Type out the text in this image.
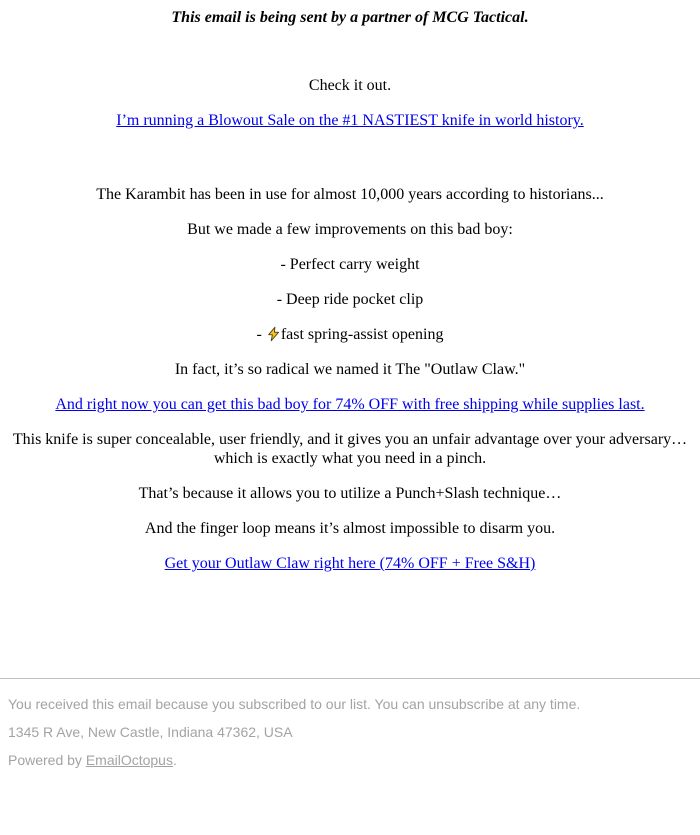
This email is being sent by a partner of MCG Tactical.

Check it out.

I’m running a Blowout Sale on the #1 NASTIEST knife in world history.

The Karambit has been in use for almost 10,000 years according to historians...

But we made a few improvements on this bad boy:

- Perfect carry weight

- Deep ride pocket clip

- fast spring-assist opening

In fact, it’s so radical we named it The "Outlaw Claw."

And right now you can get this bad boy for 74% OFF with free shipping while supplies last.

This knife is super concealable, user friendly, and it gives you an unfair advantage over your adversary… which is exactly what you need in a pinch.

That’s because it allows you to utilize a Punch+Slash technique…

And the finger loop means it’s almost impossible to disarm you.

Get your Outlaw Claw right here (74% OFF + Free S&H)

You received this email because you subscribed to our list. You can unsubscribe at any time.

1345 R Ave, New Castle, Indiana 47362, USA

Powered by EmailOctopus.
